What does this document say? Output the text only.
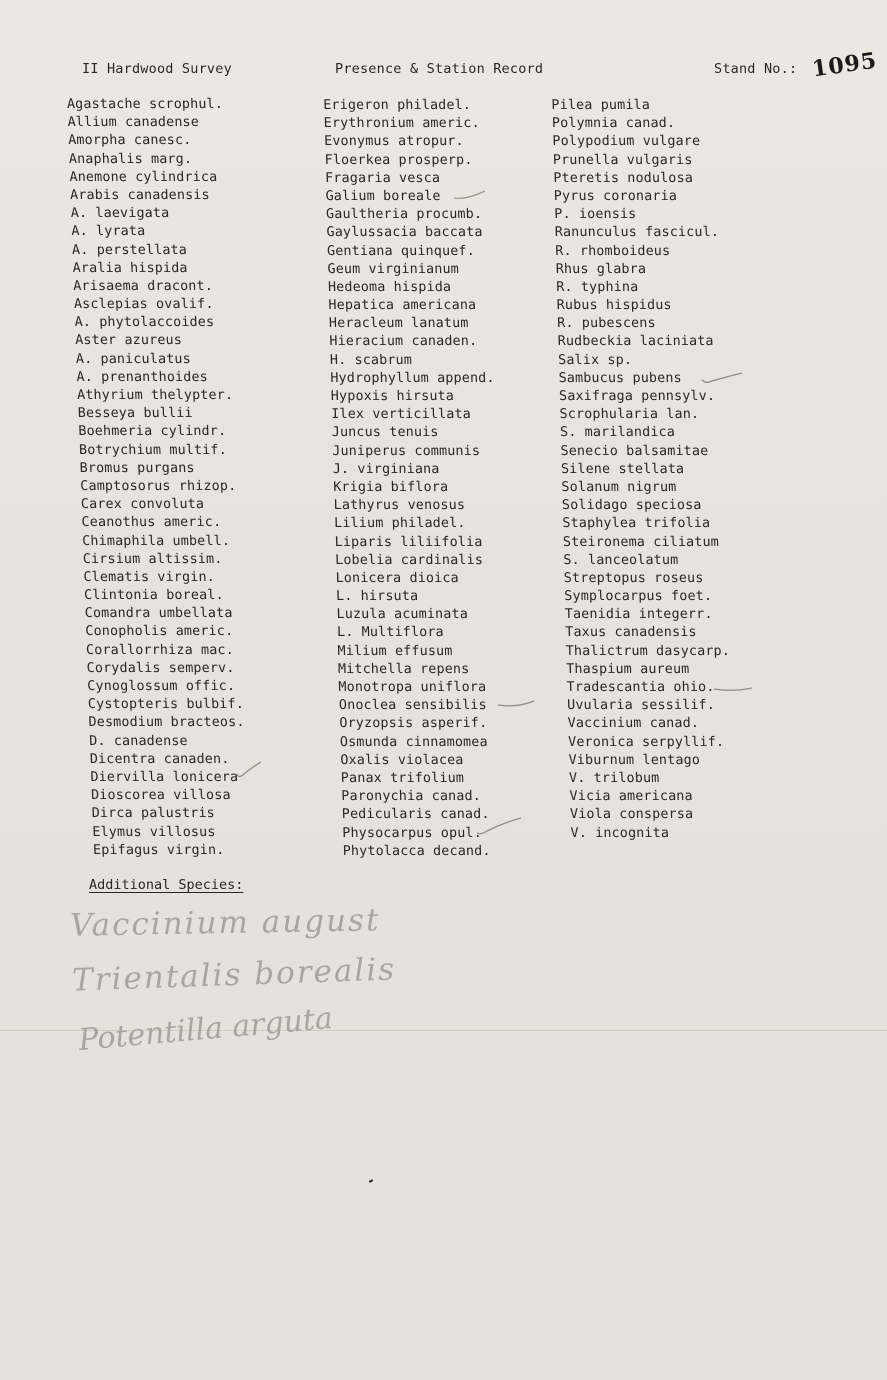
II Hardwood Survey	Presence & Station Record	Stand No.: 1095
Agastache scrophul.
Allium canadense
Amorpha canesc.
Anaphalis marg.
Anemone cylindrica
Arabis canadensis
A. laevigata
A. lyrata
A. perstellata
Aralia hispida
Arisaema dracont.
Asclepias ovalif.
A. phytolaccoides
Aster azureus
A. paniculatus
A. prenanthoides
Athyrium thelypter.
Besseya bullii
Boehmeria cylindr.
Botrychium multif.
Bromus purgans
Camptosorus rhizop.
Carex convoluta
Ceanothus americ.
Chimaphila umbell.
Cirsium altissim.
Clematis virgin.
Clintonia boreal.
Comandra umbellata
Conopholis americ.
Corallorrhiza mac.
Corydalis semperv.
Cynoglossum offic.
Cystopteris bulbif.
Desmodium bracteos.
D. canadense
Dicentra canaden.
Diervilla lonicera
Dioscorea villosa
Dirca palustris
Elymus villosus
Epifagus virgin.
Erigeron philadel.
Erythronium americ.
Evonymus atropur.
Floerkea prosperp.
Fragaria vesca
Galium boreale
Gaultheria procumb.
Gaylussacia baccata
Gentiana quinquef.
Geum virginianum
Hedeoma hispida
Hepatica americana
Heracleum lanatum
Hieracium canaden.
H. scabrum
Hydrophyllum append.
Hypoxis hirsuta
Ilex verticillata
Juncus tenuis
Juniperus communis
J. virginiana
Krigia biflora
Lathyrus venosus
Lilium philadel.
Liparis liliifolia
Lobelia cardinalis
Lonicera dioica
L. hirsuta
Luzula acuminata
L. Multiflora
Milium effusum
Mitchella repens
Monotropa uniflora
Onoclea sensibilis
Oryzopsis asperif.
Osmunda cinnamomea
Oxalis violacea
Panax trifolium
Paronychia canad.
Pedicularis canad.
Physocarpus opul.
Phytolacca decand.
Pilea pumila
Polymnia canad.
Polypodium vulgare
Prunella vulgaris
Pteretis nodulosa
Pyrus coronaria
P. ioensis
Ranunculus fascicul.
R. rhomboideus
Rhus glabra
R. typhina
Rubus hispidus
R. pubescens
Rudbeckia laciniata
Salix sp.
Sambucus pubens
Saxifraga pennsylv.
Scrophularia lan.
S. marilandica
Senecio balsamitae
Silene stellata
Solanum nigrum
Solidago speciosa
Staphylea trifolia
Steironema ciliatum
S. lanceolatum
Streptopus roseus
Symplocarpus foet.
Taenidia integerr.
Taxus canadensis
Thalictrum dasycarp.
Thaspium aureum
Tradescantia ohio.
Uvularia sessilif.
Vaccinium canad.
Veronica serpyllif.
Viburnum lentago
V. trilobum
Vicia americana
Viola conspersa
V. incognita
Additional Species:
Vaccinium august
Trientalis borealis
Potentilla arguta
